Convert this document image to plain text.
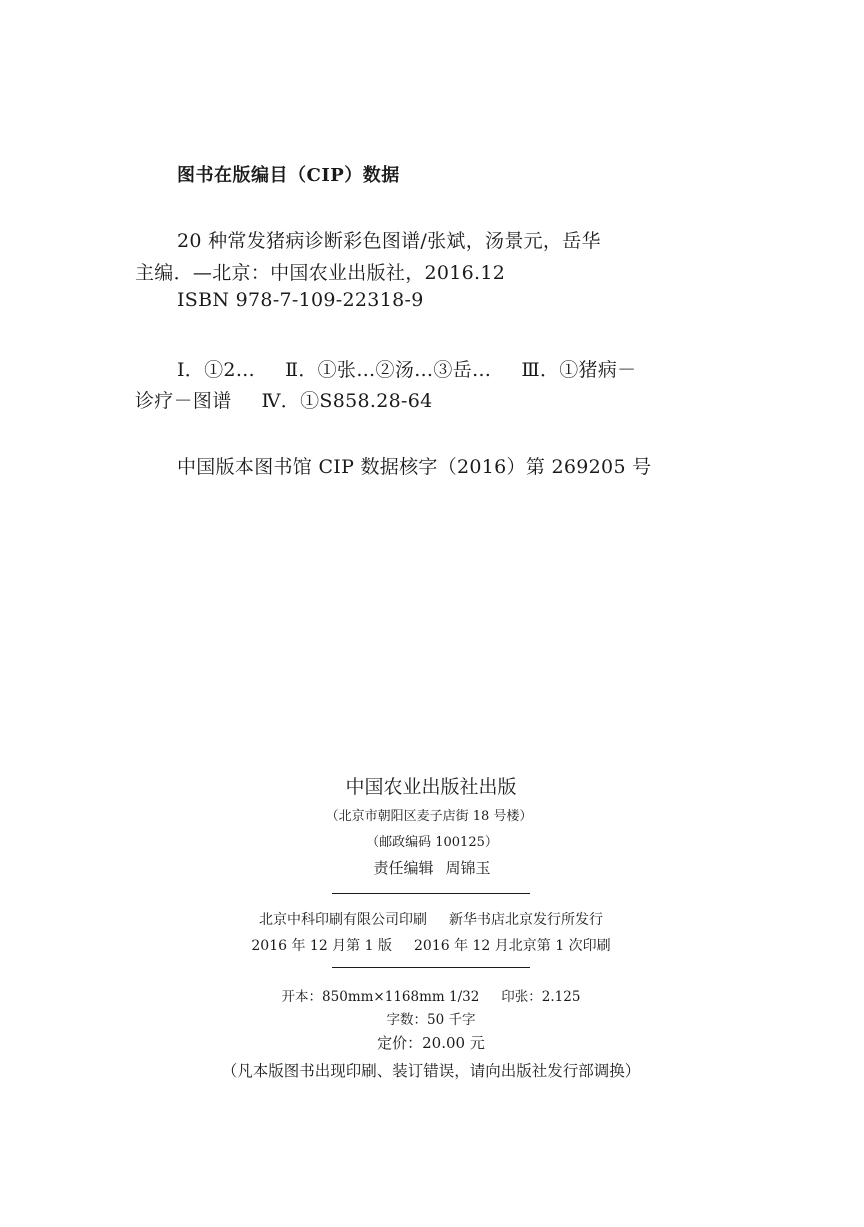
图书在版编目（CIP）数据
20 种常发猪病诊断彩色图谱/张斌，汤景元，岳华
主编．—北京：中国农业出版社，2016.12
ISBN 978-7-109-22318-9
Ⅰ．①2… Ⅱ．①张…②汤…③岳… Ⅲ．①猪病－
诊疗－图谱 Ⅳ．①S858.28-64
中国版本图书馆 CIP 数据核字（2016）第 269205 号
中国农业出版社出版
（北京市朝阳区麦子店街 18 号楼）
（邮政编码 100125）
责任编辑 周锦玉
北京中科印刷有限公司印刷 新华书店北京发行所发行
2016 年 12 月第 1 版 2016 年 12 月北京第 1 次印刷
开本：850mm×1168mm 1/32 印张：2.125
字数：50 千字
定价：20.00 元
（凡本版图书出现印刷、装订错误，请向出版社发行部调换）
